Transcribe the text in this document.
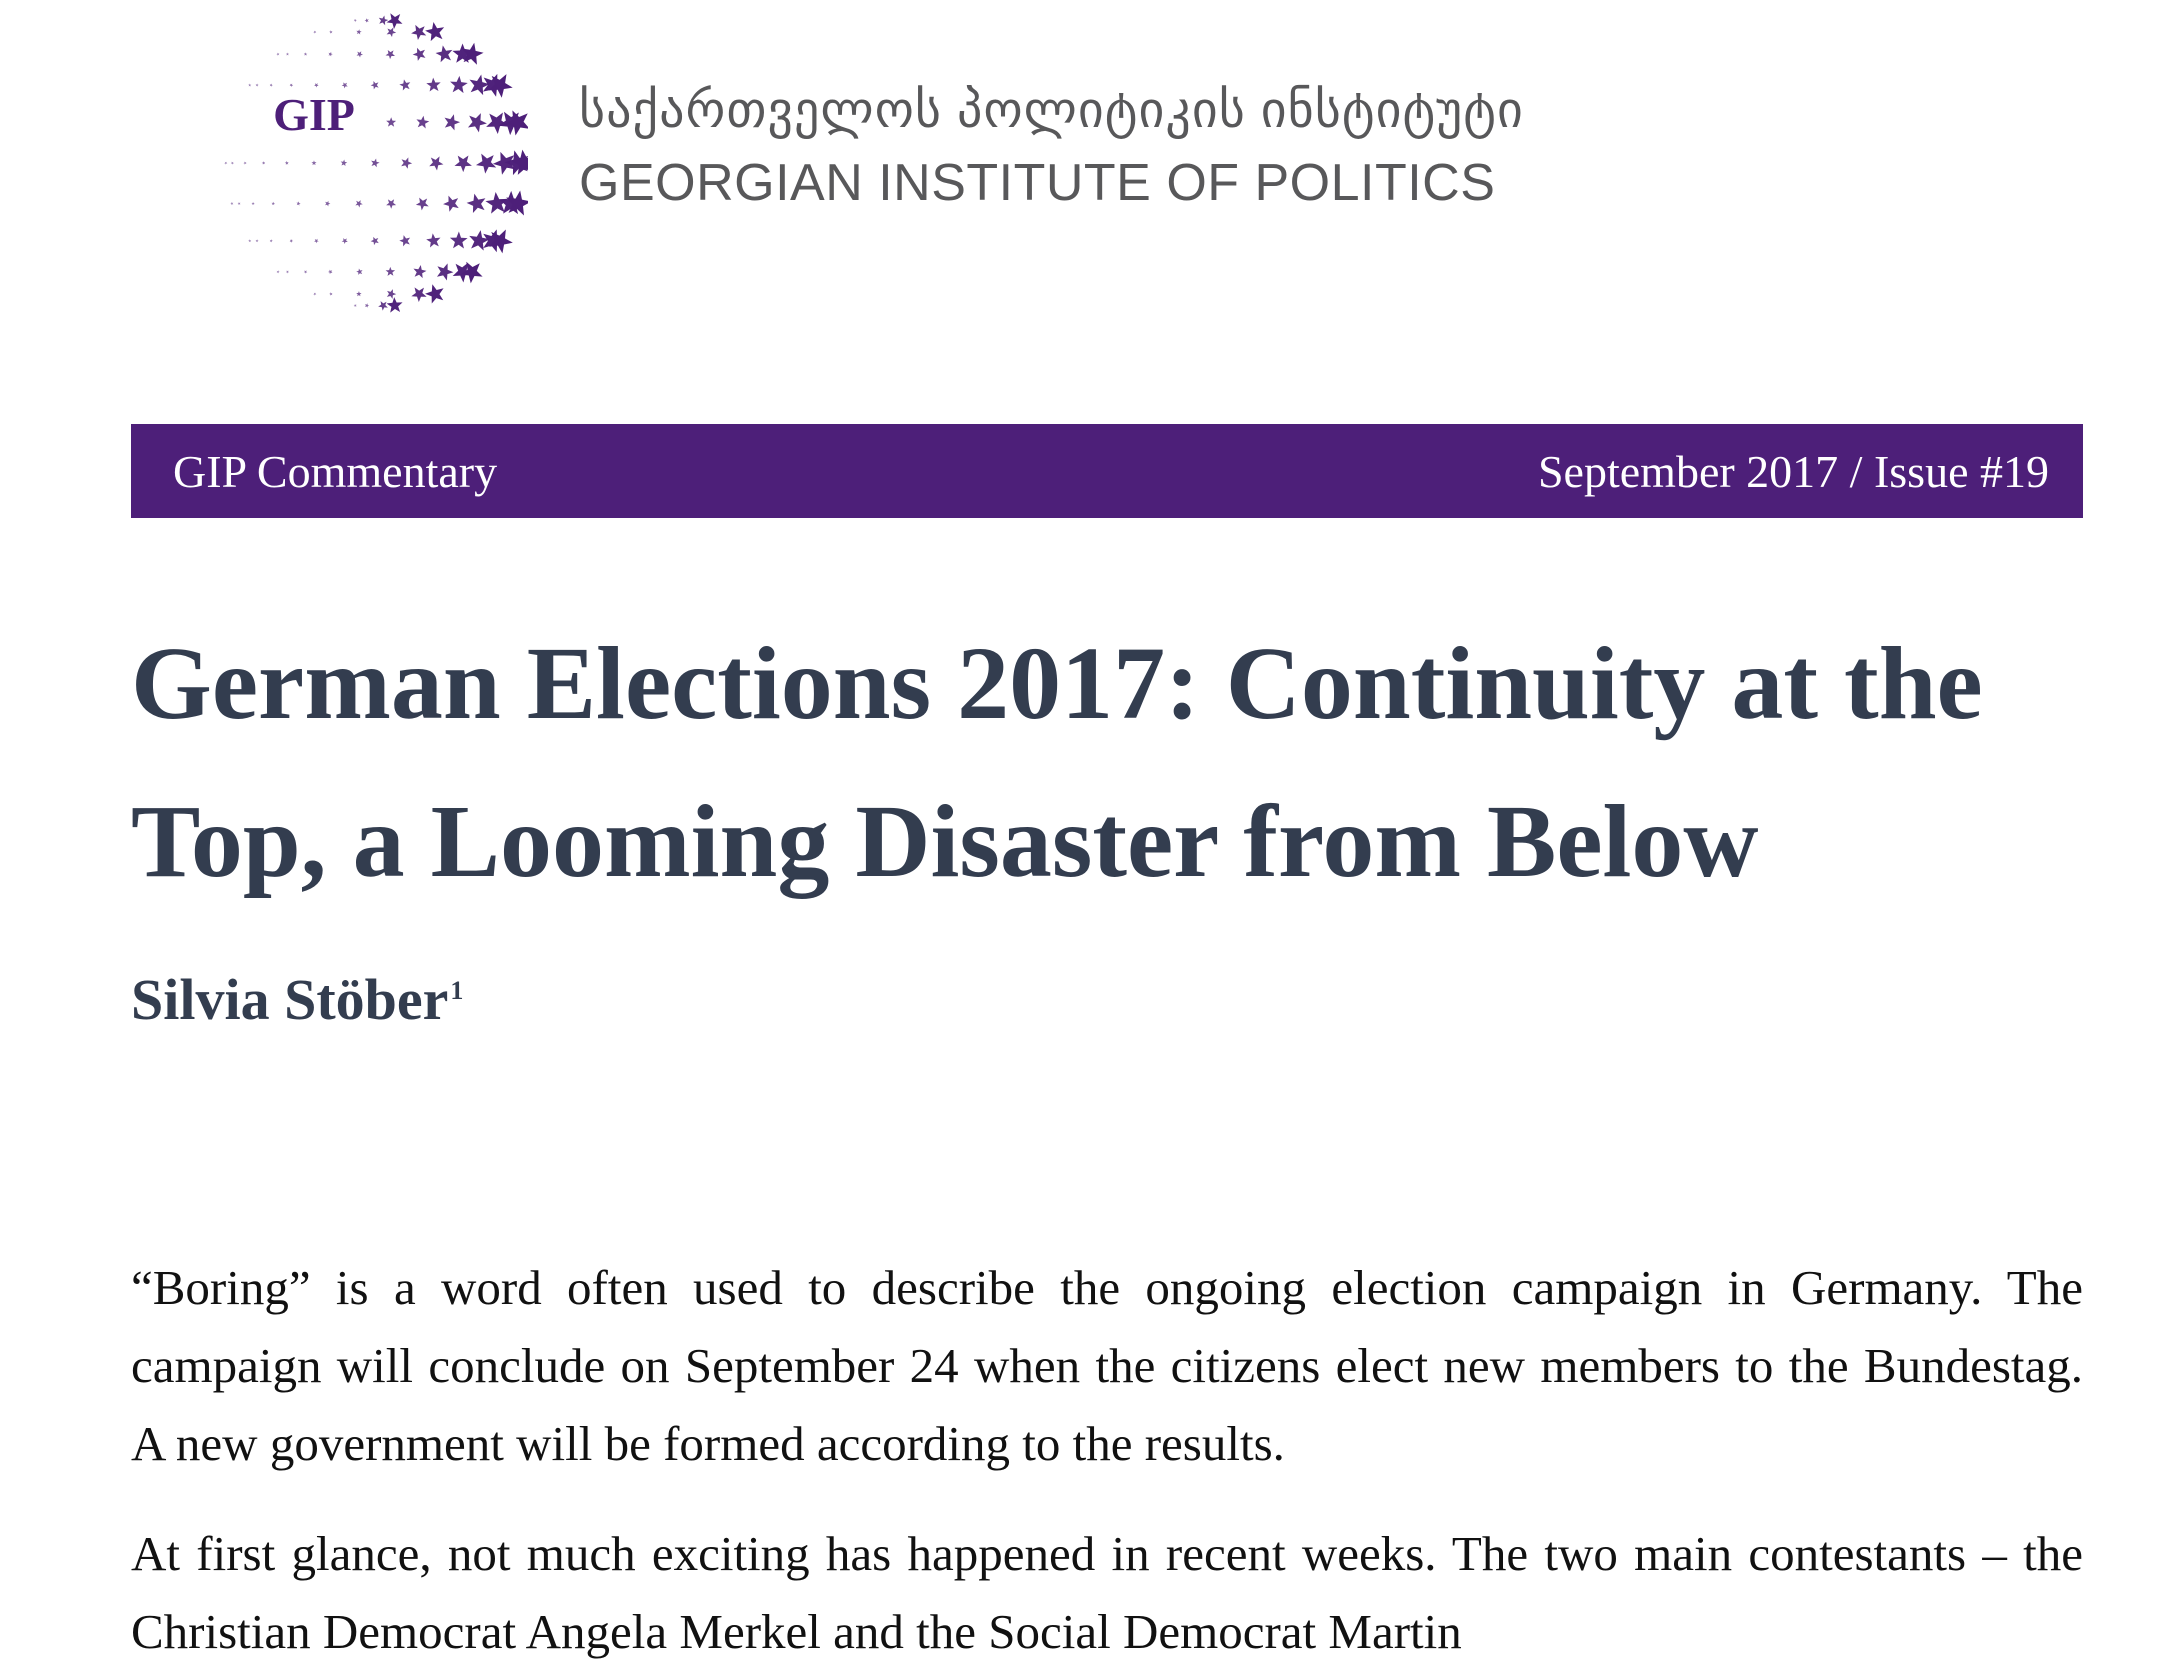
GIP	საქართველოს პოლიტიკის ინსტიტუტი
GEORGIAN INSTITUTE OF POLITICS
GIP Commentary	September 2017 / Issue #19
German Elections 2017: Continuity at the Top, a Looming Disaster from Below
Silvia Stöber$^1$

“Boring” is a word often used to describe the ongoing election campaign in Germany. The campaign will conclude on September 24 when the citizens elect new members to the Bundestag. A new government will be formed according to the results.

At first glance, not much exciting has happened in recent weeks. The two main contestants – the Christian Democrat Angela Merkel and the Social Democrat Martin
